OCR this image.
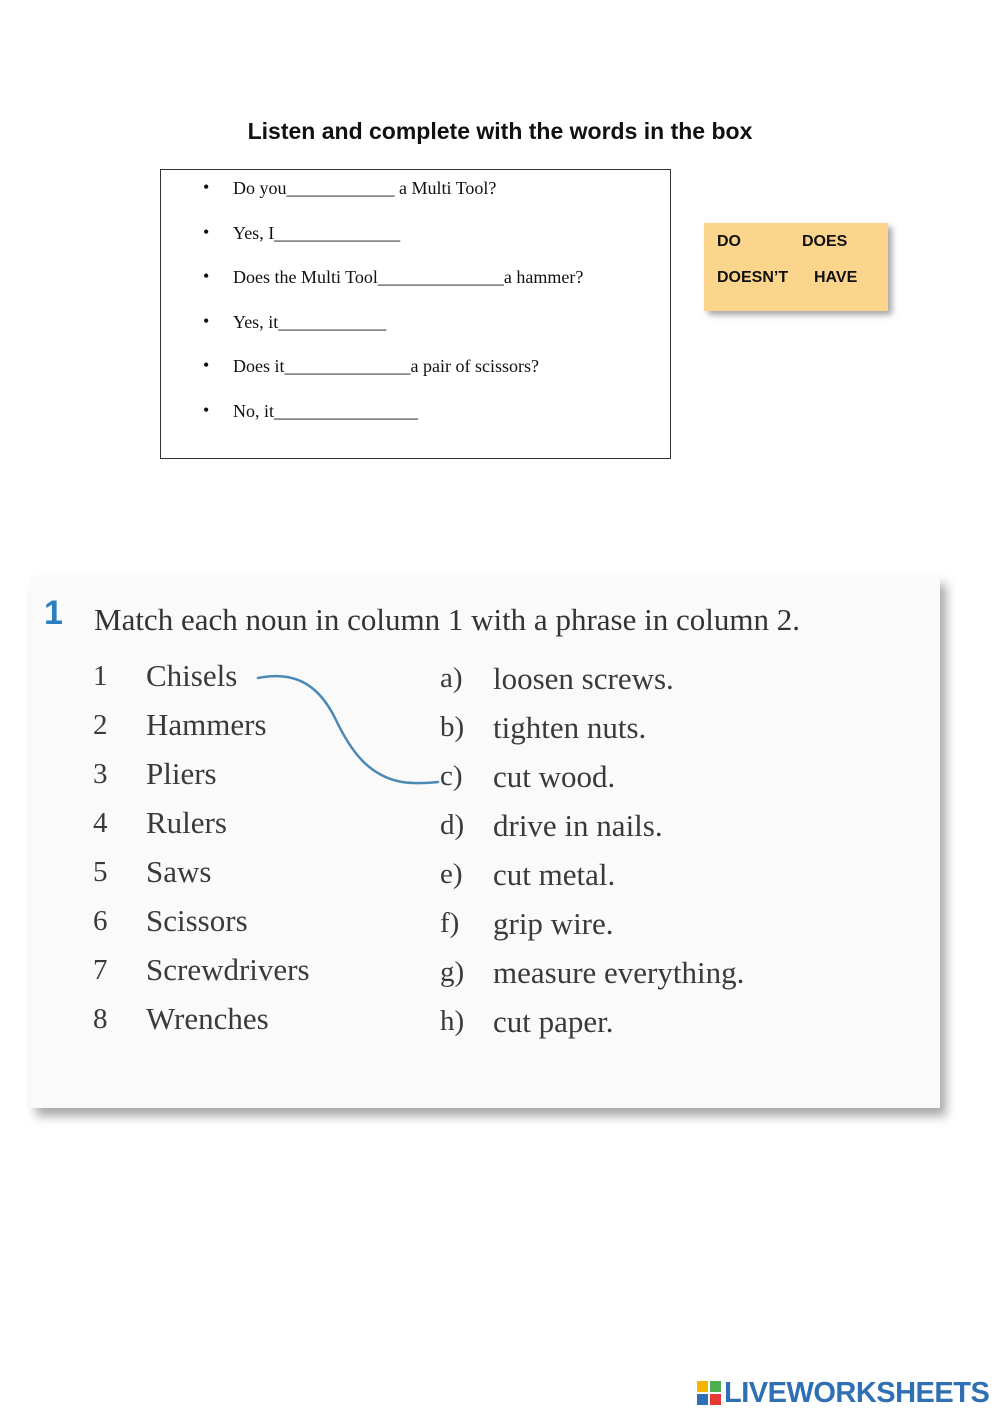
Listen and complete with the words in the box
• Do you____________ a Multi Tool?
• Yes, I______________
• Does the Multi Tool______________a hammer?
• Yes, it____________
• Does it______________a pair of scissors?
• No, it________________
DO	DOES
DOESN’T HAVE
1 Match each noun in column 1 with a phrase in column 2.
1 Chisels
2 Hammers
3 Pliers
4 Rulers
5 Saws
6 Scissors
7 Screwdrivers
8 Wrenches
a) loosen screws.
b) tighten nuts.
c) cut wood.
d) drive in nails.
e) cut metal.
f) grip wire.
g) measure everything.
h) cut paper.
LIVEWORKSHEETS
